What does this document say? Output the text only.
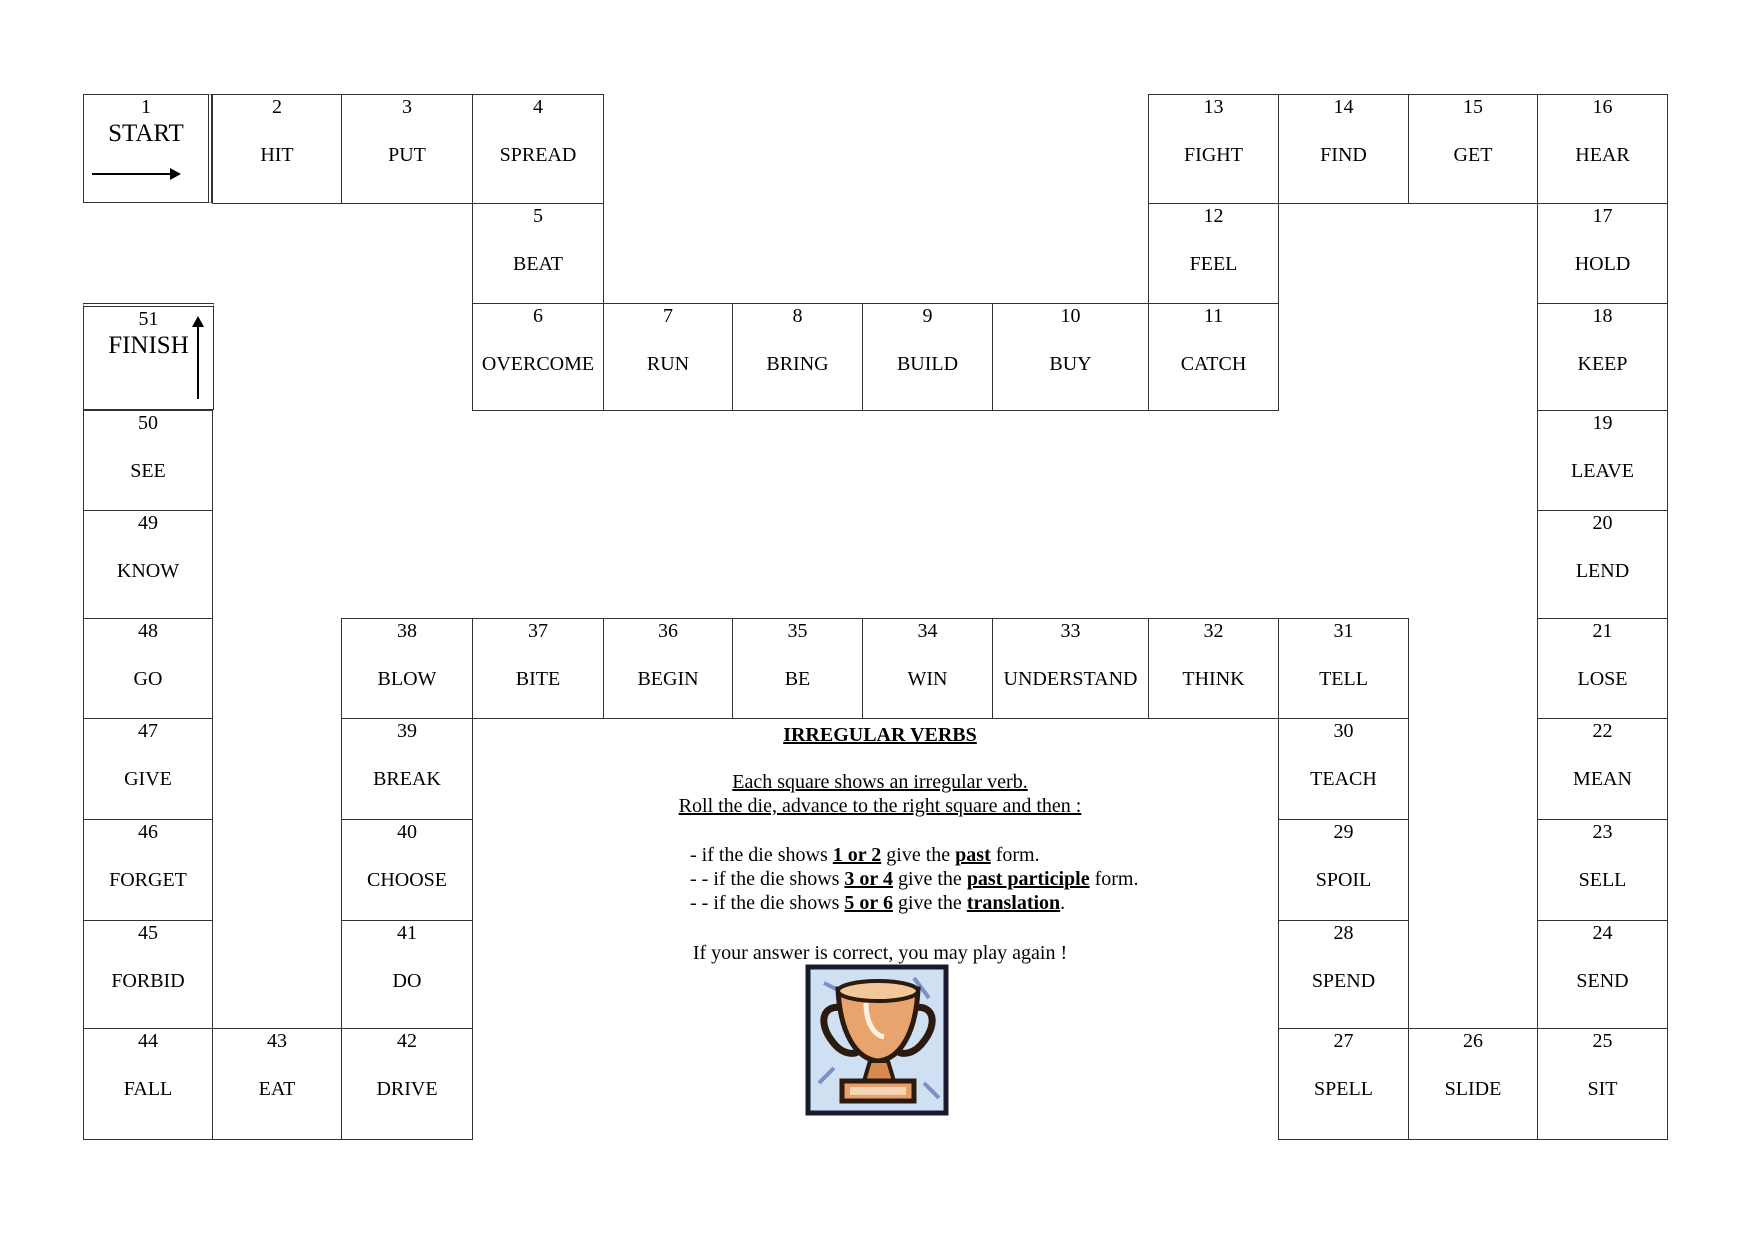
1
START
51
FINISH
2
HIT
3
PUT
4
SPREAD
5
BEAT
6
OVERCOME
7
RUN
8
BRING
9
BUILD
10
BUY
11
CATCH
12
FEEL
13
FIGHT
14
FIND
15
GET
16
HEAR
17
HOLD
18
KEEP
19
LEAVE
20
LEND
21
LOSE
22
MEAN
23
SELL
24
SEND
25
SIT
26
SLIDE
27
SPELL
28
SPEND
29
SPOIL
30
TEACH
31
TELL
32
THINK
33
UNDERSTAND
34
WIN
35
BE
36
BEGIN
37
BITE
38
BLOW
39
BREAK
40
CHOOSE
41
DO
42
DRIVE
43
EAT
44
FALL
45
FORBID
46
FORGET
47
GIVE
48
GO
49
KNOW
50
SEE
IRREGULAR VERBS
Each square shows an irregular verb.
Roll the die, advance to the right square and then :
- if the die shows 1 or 2 give the past form.
- - if the die shows 3 or 4 give the past participle form.
- - if the die shows 5 or 6 give the translation.
If your answer is correct, you may play again !
